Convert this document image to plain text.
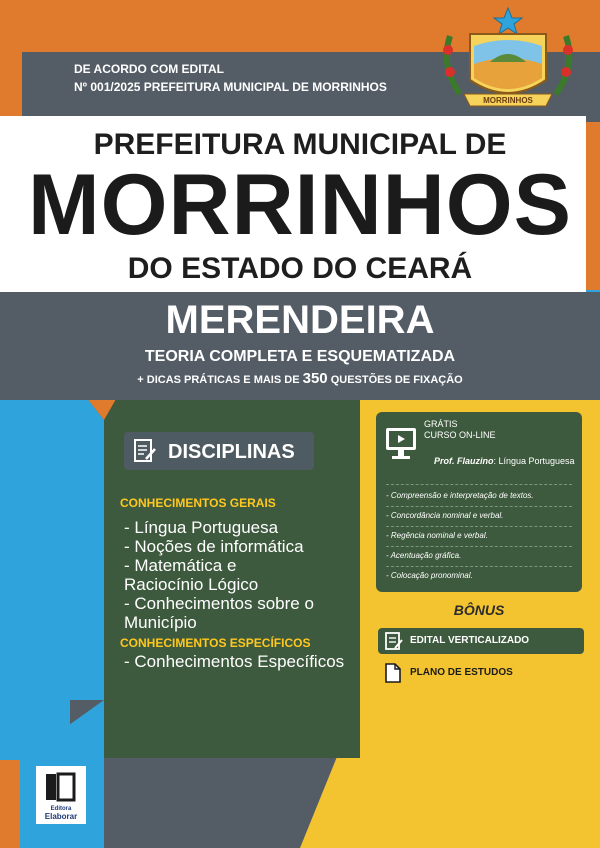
DE ACORDO COM EDITAL
Nº 001/2025 PREFEITURA MUNICIPAL DE MORRINHOS
MORRINHOS
PREFEITURA MUNICIPAL DE
MORRINHOS
DO ESTADO DO CEARÁ
MERENDEIRA
TEORIA COMPLETA E ESQUEMATIZADA
+ DICAS PRÁTICAS E MAIS DE 350 QUESTÕES DE FIXAÇÃO
DISCIPLINAS
CONHECIMENTOS GERAIS
- Língua Portuguesa
- Noções de informática
- Matemática e
Raciocínio Lógico
- Conhecimentos sobre o
Município
CONHECIMENTOS ESPECÍFICOS
- Conhecimentos Específicos
GRÁTIS
CURSO ON-LINE
Prof. Flauzino: Língua Portuguesa
- Compreensão e interpretação de textos.
- Concordância nominal e verbal.
- Regência nominal e verbal.
- Acentuação gráfica.
- Colocação pronominal.
BÔNUS
EDITAL VERTICALIZADO
PLANO DE ESTUDOS
Editora
Elaborar
